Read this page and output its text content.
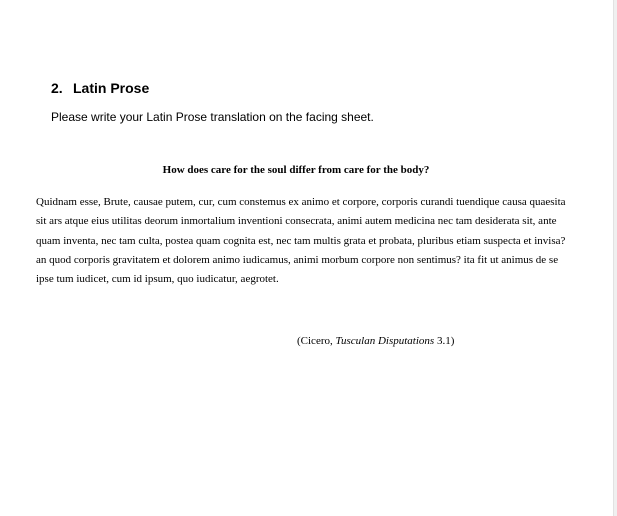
2. Latin Prose
Please write your Latin Prose translation on the facing sheet.
How does care for the soul differ from care for the body?

Quidnam esse, Brute, causae putem, cur, cum constemus ex animo et corpore, corporis curandi tuendique causa quaesita sit ars atque eius utilitas deorum inmortalium inventioni consecrata, animi autem medicina nec tam desiderata sit, ante quam inventa, nec tam culta, postea quam cognita est, nec tam multis grata et probata, pluribus etiam suspecta et invisa? an quod corporis gravitatem et dolorem animo iudicamus, animi morbum corpore non sentimus? ita fit ut animus de se ipse tum iudicet, cum id ipsum, quo iudicatur, aegrotet.

(Cicero, Tusculan Disputations 3.1)
